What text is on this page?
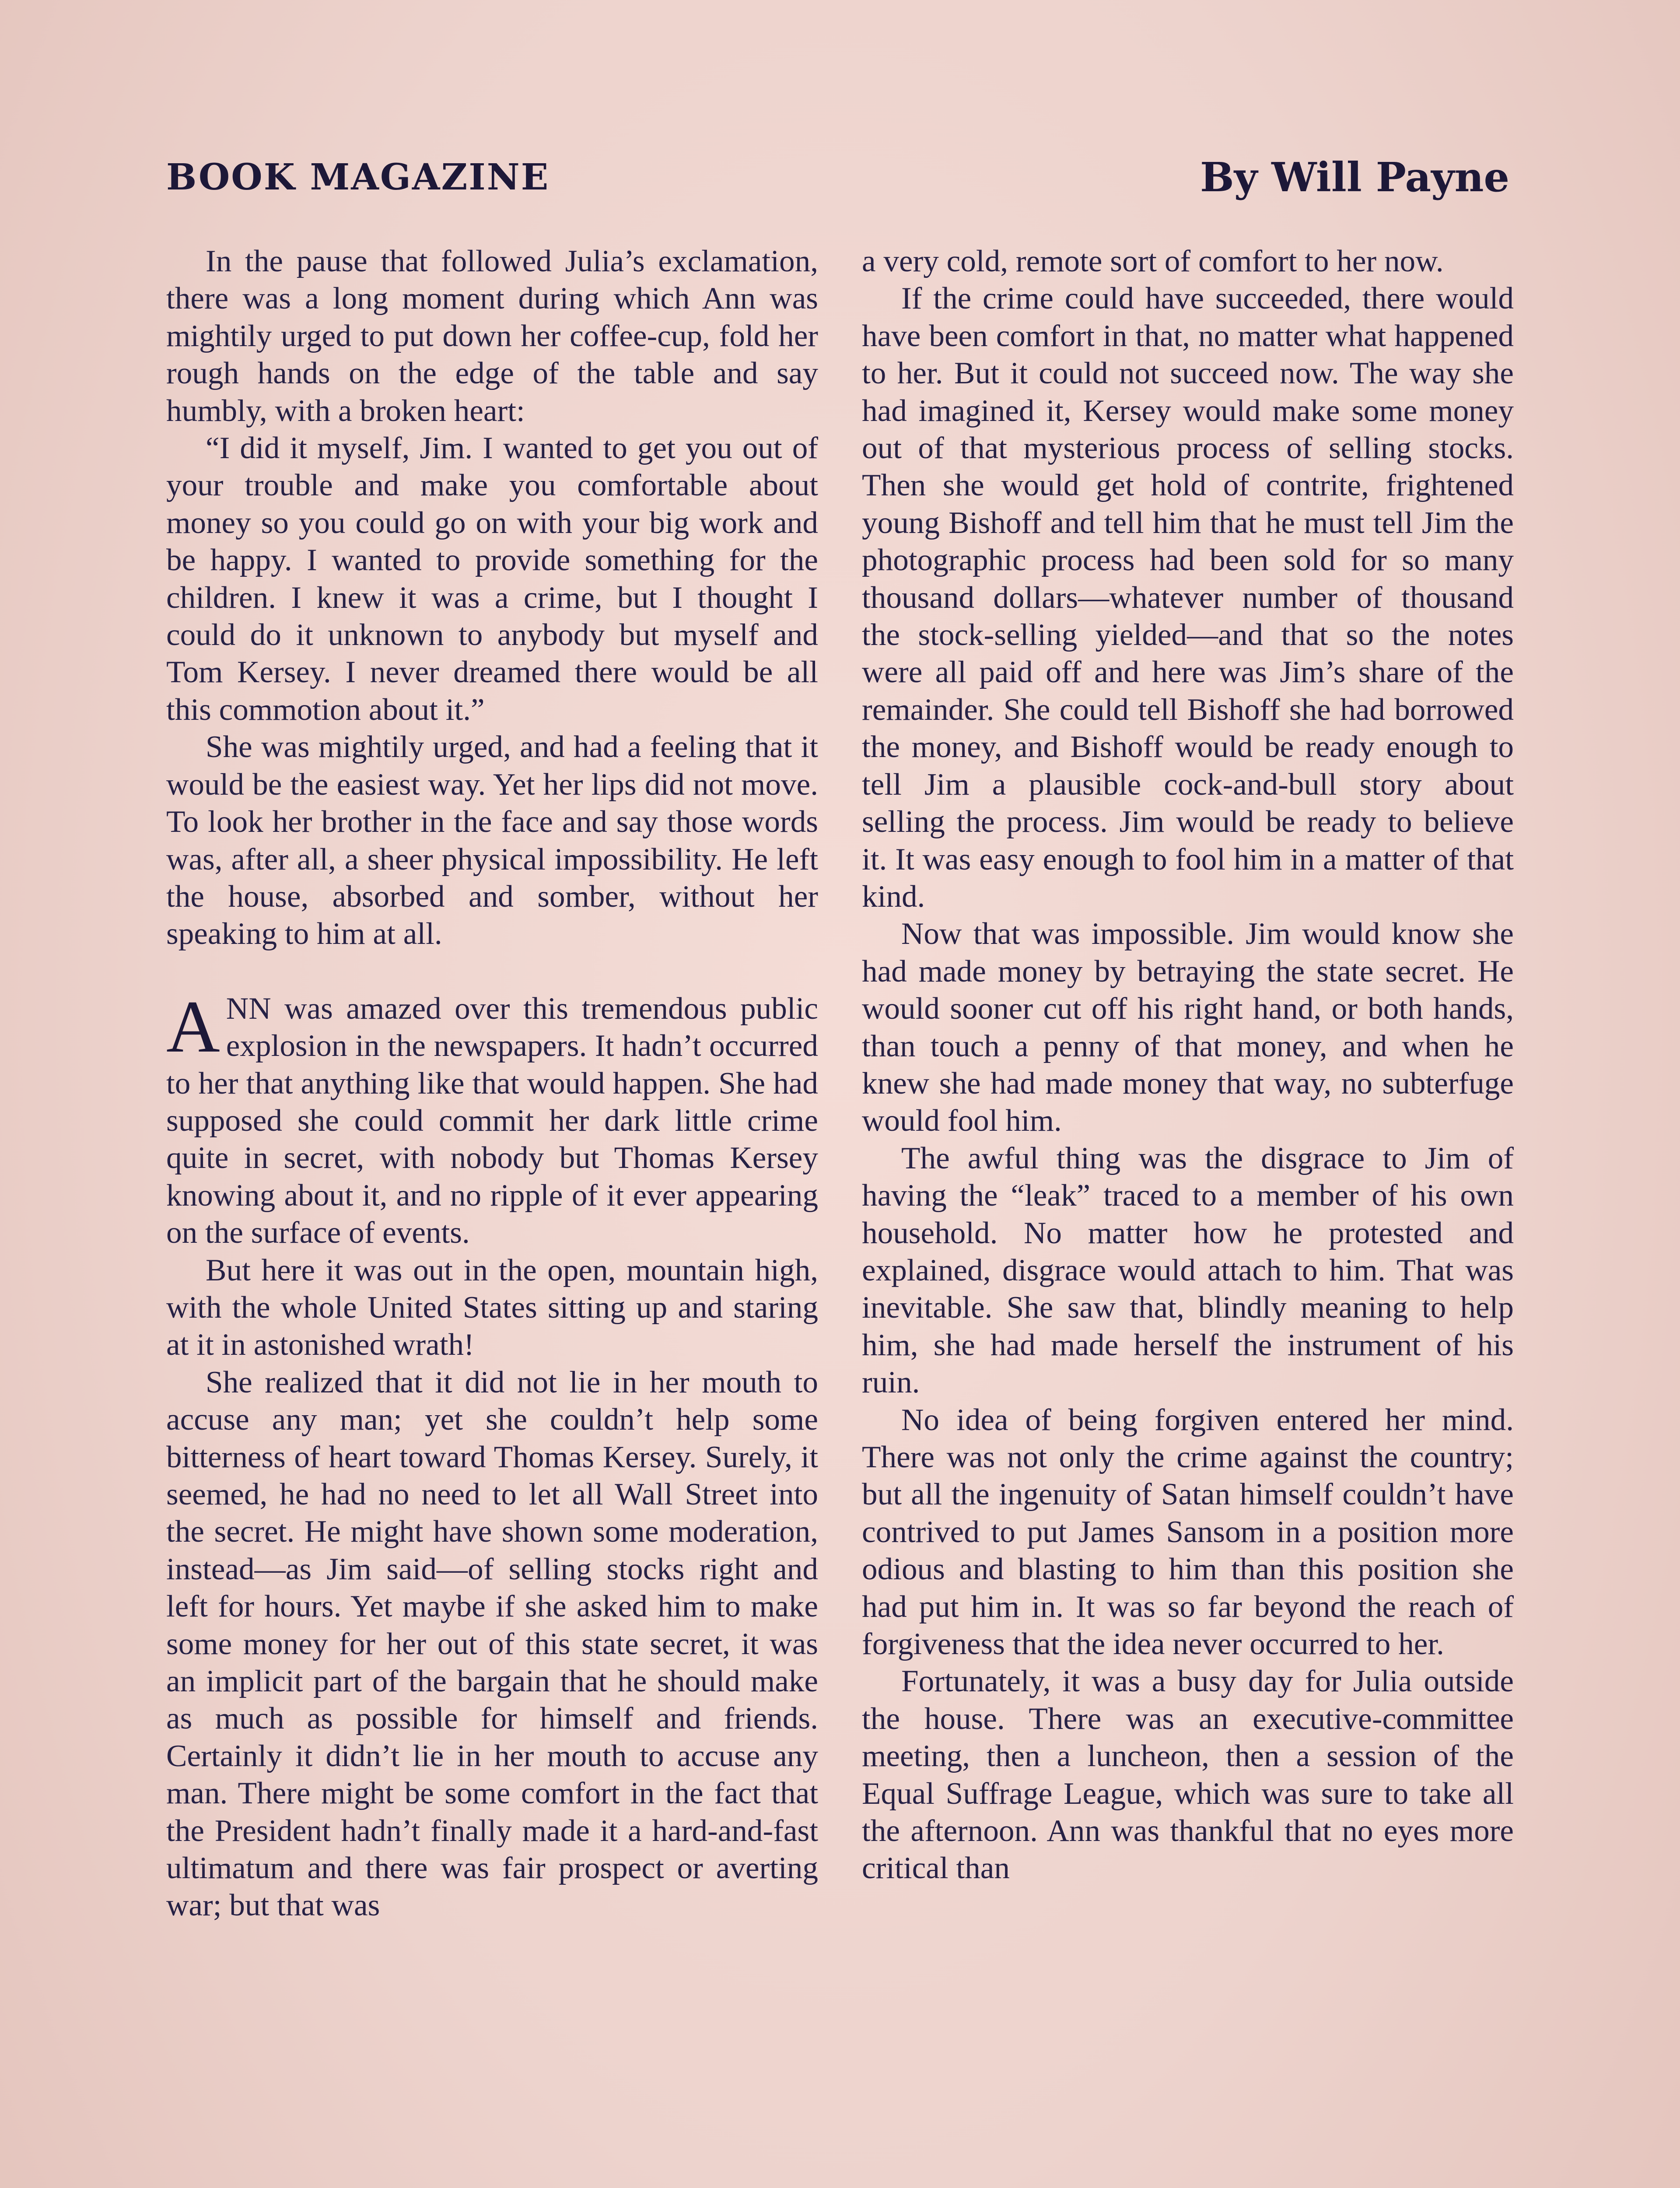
BOOK MAGAZINE	By Will Payne

In the pause that followed Julia’s exclamation, there was a long moment during which Ann was mightily urged to put down her coffee-cup, fold her rough hands on the edge of the table and say humbly, with a broken heart:

“I did it myself, Jim. I wanted to get you out of your trouble and make you comfortable about money so you could go on with your big work and be happy. I wanted to provide something for the children. I knew it was a crime, but I thought I could do it unknown to anybody but myself and Tom Kersey. I never dreamed there would be all this commotion about it.”

She was mightily urged, and had a feeling that it would be the easiest way. Yet her lips did not move. To look her brother in the face and say those words was, after all, a sheer physical impossibility. He left the house, absorbed and somber, without her speaking to him at all.

ANN was amazed over this tremendous public explosion in the newspapers. It hadn’t occurred to her that anything like that would happen. She had supposed she could commit her dark little crime quite in secret, with nobody but Thomas Kersey knowing about it, and no ripple of it ever appearing on the surface of events.

But here it was out in the open, mountain high, with the whole United States sitting up and staring at it in astonished wrath!

She realized that it did not lie in her mouth to accuse any man; yet she couldn’t help some bitterness of heart toward Thomas Kersey. Surely, it seemed, he had no need to let all Wall Street into the secret. He might have shown some moderation, instead—as Jim said—of selling stocks right and left for hours. Yet maybe if she asked him to make some money for her out of this state secret, it was an implicit part of the bargain that he should make as much as possible for himself and friends. Certainly it didn’t lie in her mouth to accuse any man. There might be some comfort in the fact that the President hadn’t finally made it a hard-and-fast ultimatum and there was fair prospect or averting war; but that was

a very cold, remote sort of comfort to her now.

If the crime could have succeeded, there would have been comfort in that, no matter what happened to her. But it could not succeed now. The way she had imagined it, Kersey would make some money out of that mysterious process of selling stocks. Then she would get hold of contrite, frightened young Bishoff and tell him that he must tell Jim the photographic process had been sold for so many thousand dollars—whatever number of thousand the stock-selling yielded—and that so the notes were all paid off and here was Jim’s share of the remainder. She could tell Bishoff she had borrowed the money, and Bishoff would be ready enough to tell Jim a plausible cock-and-bull story about selling the process. Jim would be ready to believe it. It was easy enough to fool him in a matter of that kind.

Now that was impossible. Jim would know she had made money by betraying the state secret. He would sooner cut off his right hand, or both hands, than touch a penny of that money, and when he knew she had made money that way, no subterfuge would fool him.

The awful thing was the disgrace to Jim of having the “leak” traced to a member of his own household. No matter how he protested and explained, disgrace would attach to him. That was inevitable. She saw that, blindly meaning to help him, she had made herself the instrument of his ruin.

No idea of being forgiven entered her mind. There was not only the crime against the country; but all the ingenuity of Satan himself couldn’t have contrived to put James Sansom in a position more odious and blasting to him than this position she had put him in. It was so far beyond the reach of forgiveness that the idea never occurred to her.

Fortunately, it was a busy day for Julia outside the house. There was an executive-committee meeting, then a luncheon, then a session of the Equal Suffrage League, which was sure to take all the afternoon. Ann was thankful that no eyes more critical than
